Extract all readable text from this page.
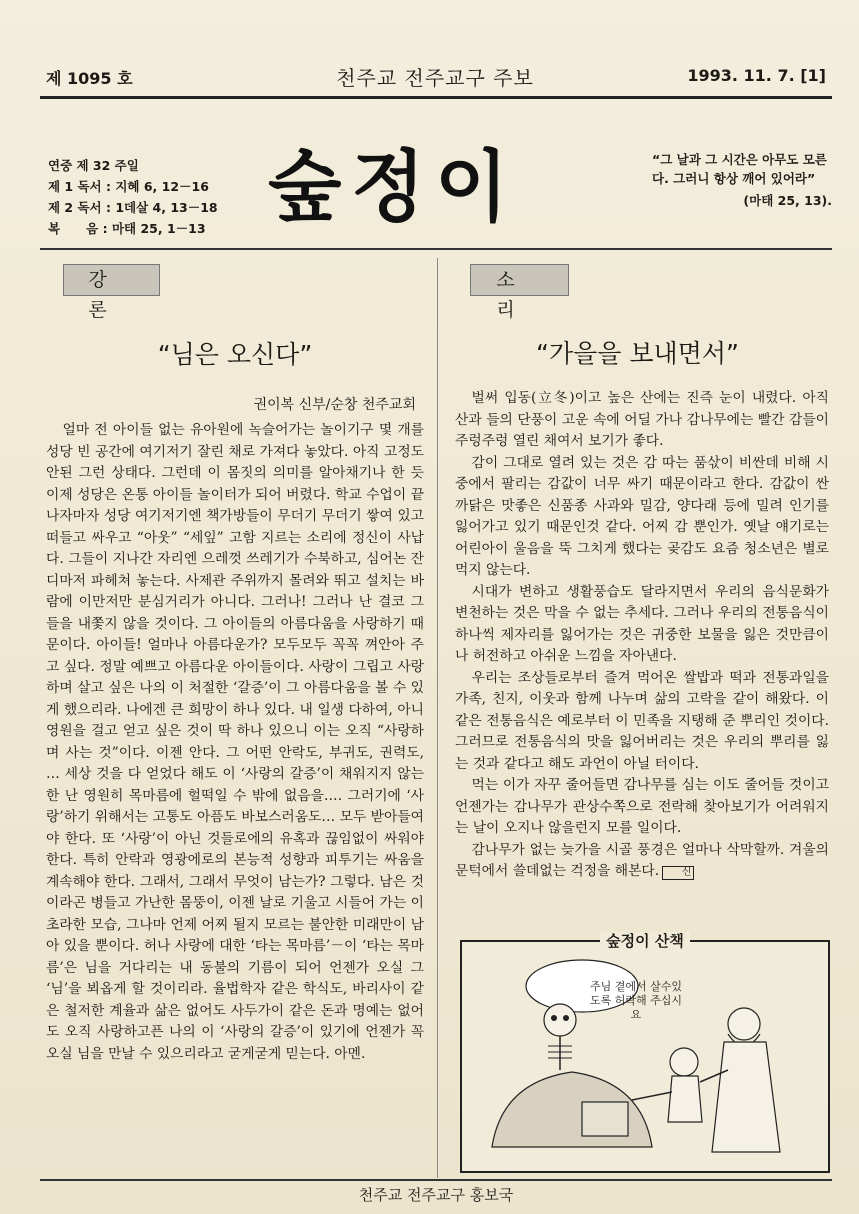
제 1095 호	천주교 전주교구 주보	1993. 11. 7. [1]
연중 제 32 주일
제 1 독서 : 지혜 6, 12－16
제 2 독서 : 1데살 4, 13－18
복      음 : 마태 25, 1－13 숲정이	“그 날과 그 시간은 아무도 모른다. 그러니 항상 깨어 있어라”
(마태 25, 13).
강 론
“님은 오신다”
권이복 신부/순창 천주교회

얼마 전 아이들 없는 유아원에 녹슬어가는 놀이기구 몇 개를 성당 빈 공간에 여기저기 잘린 채로 가져다 놓았다. 아직 고정도 안된 그런 상태다. 그런데 이 몸짓의 의미를 알아채기나 한 듯 이제 성당은 온통 아이들 놀이터가 되어 버렸다. 학교 수업이 끝나자마자 성당 여기저기엔 책가방들이 무더기 무더기 쌓여 있고 떠들고 싸우고 “아웃” “세잎” 고함 지르는 소리에 정신이 사납다. 그들이 지나간 자리엔 으레껏 쓰레기가 수북하고, 심어논 잔디마저 파헤쳐 놓는다. 사제관 주위까지 몰려와 뛰고 설치는 바람에 이만저만 분심거리가 아니다. 그러나! 그러나 난 결코 그들을 내쫓지 않을 것이다. 그 아이들의 아름다움을 사랑하기 때문이다. 아이들! 얼마나 아름다운가? 모두모두 꼭꼭 껴안아 주고 싶다. 정말 예쁘고 아름다운 아이들이다. 사랑이 그립고 사랑하며 살고 싶은 나의 이 처절한 ‘갈증’이 그 아름다움을 볼 수 있게 했으리라. 나에겐 큰 희망이 하나 있다. 내 일생 다하여, 아니 영원을 걸고 얻고 싶은 것이 딱 하나 있으니 이는 오직 “사랑하며 사는 것”이다. 이젠 안다. 그 어떤 안락도, 부귀도, 권력도, … 세상 것을 다 얻었다 해도 이 ‘사랑의 갈증’이 채워지지 않는한 난 영원히 목마름에 헐떡일 수 밖에 없음을…. 그러기에 ‘사랑’하기 위해서는 고통도 아픔도 바보스러움도… 모두 받아들여야 한다. 또 ‘사랑’이 아닌 것들로에의 유혹과 끊임없이 싸워야 한다. 특히 안락과 영광에로의 본능적 성향과 피투기는 싸움을 계속해야 한다. 그래서, 그래서 무엇이 남는가? 그렇다. 남은 것이라곤 병들고 가난한 몸뚱이, 이젠 날로 기울고 시들어 가는 이 초라한 모습, 그나마 언제 어찌 될지 모르는 불안한 미래만이 남아 있을 뿐이다. 허나 사랑에 대한 ‘타는 목마름’－이 ‘타는 목마름’은 님을 거다리는 내 동불의 기름이 되어 언젠가 오실 그 ‘님’을 뵈옵게 할 것이리라. 율법학자 같은 학식도, 바리사이 같은 철저한 계율과 삶은 없어도 사두가이 같은 돈과 명예는 없어도 오직 사랑하고픈 나의 이 ‘사랑의 갈증’이 있기에 언젠가 꼭 오실 님을 만날 수 있으리라고 굳게굳게 믿는다. 아멘.

소 리
“가을을 보내면서”

벌써 입동(立冬)이고 높은 산에는 진즉 눈이 내렸다. 아직 산과 들의 단풍이 고운 속에 어딜 가나 감나무에는 빨간 감들이 주렁주렁 열린 채여서 보기가 좋다.

감이 그대로 열려 있는 것은 감 따는 품삯이 비싼데 비해 시중에서 팔리는 감값이 너무 싸기 때문이라고 한다. 감값이 싼 까닭은 맛좋은 신품종 사과와 밀감, 양다래 등에 밀려 인기를 잃어가고 있기 때문인것 같다. 어찌 감 뿐인가. 옛날 얘기로는 어린아이 울음을 뚝 그치게 했다는 곶감도 요즘 청소년은 별로 먹지 않는다.

시대가 변하고 생활풍습도 달라지면서 우리의 음식문화가 변천하는 것은 막을 수 없는 추세다. 그러나 우리의 전통음식이 하나씩 제자리를 잃어가는 것은 귀중한 보물을 잃은 것만큼이나 허전하고 아쉬운 느낌을 자아낸다.

우리는 조상들로부터 즐겨 먹어온 쌀밥과 떡과 전통과일을 가족, 친지, 이웃과 함께 나누며 삶의 고락을 같이 해왔다. 이 같은 전통음식은 예로부터 이 민족을 지탱해 준 뿌리인 것이다. 그러므로 전통음식의 맛을 잃어버리는 것은 우리의 뿌리를 잃는 것과 같다고 해도 과언이 아닐 터이다.

먹는 이가 자꾸 줄어들면 감나무를 심는 이도 줄어들 것이고 언젠가는 감나무가 관상수쪽으로 전락해 찾아보기가 어려워지는 날이 오지나 않을런지 모를 일이다.

감나무가 없는 늦가을 시골 풍경은 얼마나 삭막할까. 겨울의 문턱에서 쓸데없는 걱정을 해본다. 신

숲정이 산책
주님 곁에서 살수있도록 허락해 주십시요
천주교 전주교구 홍보국
